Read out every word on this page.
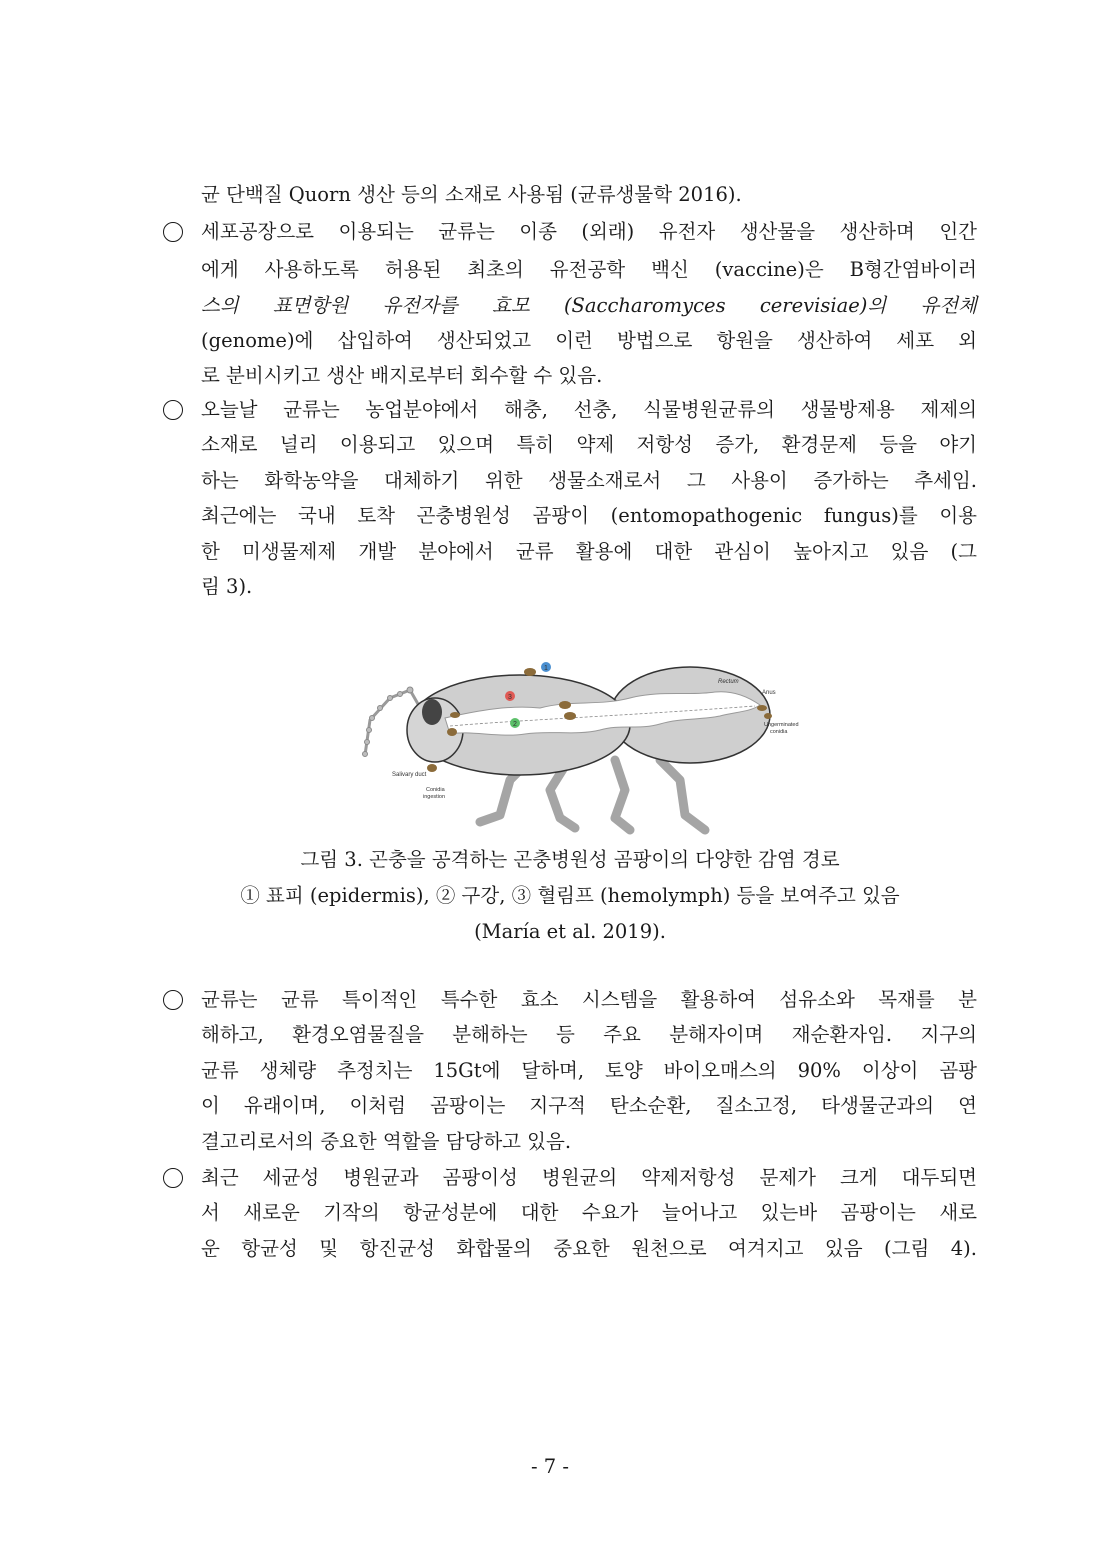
균 단백질 Quorn 생산 등의 소재로 사용됨 (균류생물학 2016).
세포공장으로 이용되는 균류는 이종 (외래) 유전자 생산물을 생산하며 인간
에게 사용하도록 허용된 최초의 유전공학 백신 (vaccine)은 B형간염바이러
스의 표면항원 유전자를 효모 (Saccharomyces cerevisiae)의 유전체
(genome)에 삽입하여 생산되었고 이런 방법으로 항원을 생산하여 세포 외
로 분비시키고 생산 배지로부터 회수할 수 있음.
오늘날 균류는 농업분야에서 해충, 선충, 식물병원균류의 생물방제용 제제의
소재로 널리 이용되고 있으며 특히 약제 저항성 증가, 환경문제 등을 야기
하는 화학농약을 대체하기 위한 생물소재로서 그 사용이 증가하는 추세임.
최근에는 국내 토착 곤충병원성 곰팡이 (entomopathogenic fungus)를 이용
한 미생물제제 개발 분야에서 균류 활용에 대한 관심이 높아지고 있음 (그
림 3).
1
2
3
Rectum
Anus
Ungerminated
conidia
Salivary duct
Conidia
ingestion
그림 3. 곤충을 공격하는 곤충병원성 곰팡이의 다양한 감염 경로
① 표피 (epidermis), ② 구강, ③ 혈림프 (hemolymph) 등을 보여주고 있음
(María et al. 2019).
균류는 균류 특이적인 특수한 효소 시스템을 활용하여 섬유소와 목재를 분
해하고, 환경오염물질을 분해하는 등 주요 분해자이며 재순환자임. 지구의
균류 생체량 추정치는 15Gt에 달하며, 토양 바이오매스의 90% 이상이 곰팡
이 유래이며, 이처럼 곰팡이는 지구적 탄소순환, 질소고정, 타생물군과의 연
결고리로서의 중요한 역할을 담당하고 있음.
최근 세균성 병원균과 곰팡이성 병원균의 약제저항성 문제가 크게 대두되면
서 새로운 기작의 항균성분에 대한 수요가 늘어나고 있는바 곰팡이는 새로
운 항균성 및 항진균성 화합물의 중요한 원천으로 여겨지고 있음 (그림 4).
- 7 -
